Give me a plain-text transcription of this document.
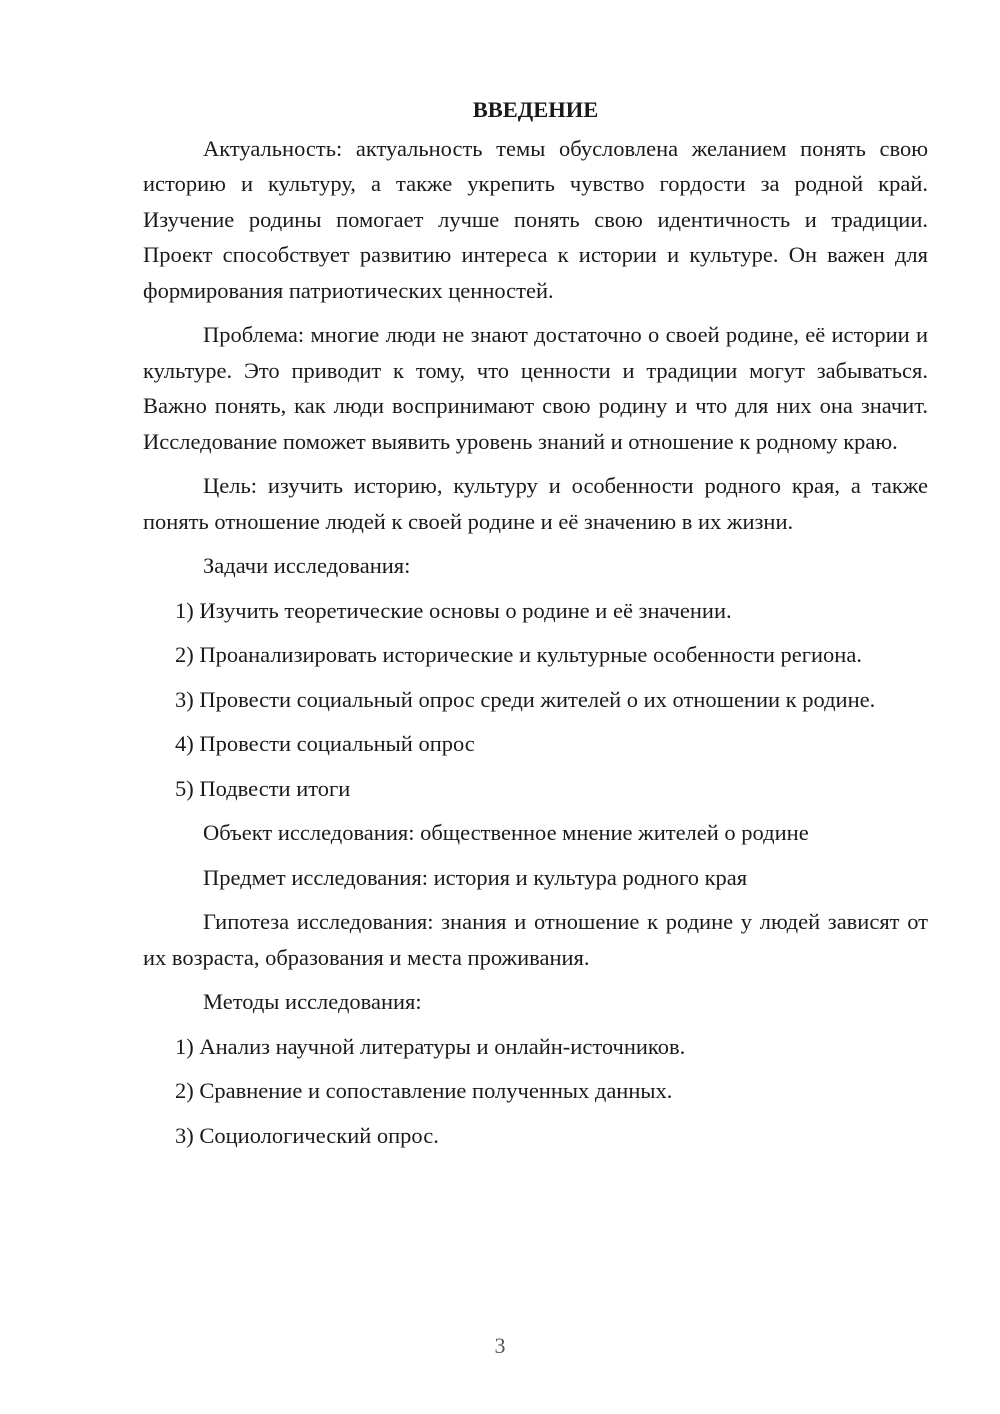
ВВЕДЕНИЕ

Актуальность: актуальность темы обусловлена желанием понять свою историю и культуру, а также укрепить чувство гордости за родной край. Изучение родины помогает лучше понять свою идентичность и традиции. Проект способствует развитию интереса к истории и культуре. Он важен для формирования патриотических ценностей.

Проблема: многие люди не знают достаточно о своей родине, её истории и культуре. Это приводит к тому, что ценности и традиции могут забываться. Важно понять, как люди воспринимают свою родину и что для них она значит. Исследование поможет выявить уровень знаний и отношение к родному краю.

Цель: изучить историю, культуру и особенности родного края, а также понять отношение людей к своей родине и её значению в их жизни.

Задачи исследования:

1) Изучить теоретические основы о родине и её значении.

2) Проанализировать исторические и культурные особенности региона.

3) Провести социальный опрос среди жителей о их отношении к родине.

4) Провести социальный опрос

5) Подвести итоги

Объект исследования: общественное мнение жителей о родине

Предмет исследования: история и культура родного края

Гипотеза исследования: знания и отношение к родине у людей зависят от их возраста, образования и места проживания.

Методы исследования:

1) Анализ научной литературы и онлайн-источников.

2) Сравнение и сопоставление полученных данных.

3) Социологический опрос.

3
